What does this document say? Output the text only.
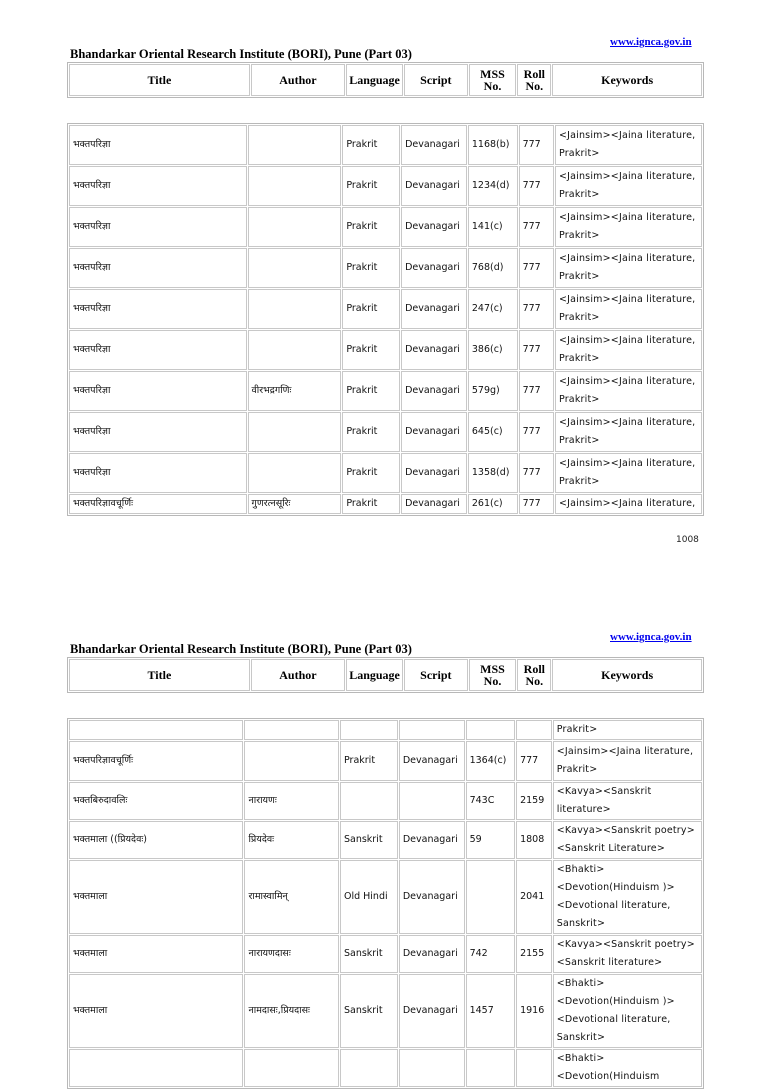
www.ignca.gov.in
Bhandarkar Oriental Research Institute (BORI), Pune (Part 03)
Title	Author	Language	Script	MSS No.	Roll No.	Keywords
भक्तपरिज्ञा		Prakrit	Devanagari	1168(b)	777	<Jainsim><Jaina literature, Prakrit>
भक्तपरिज्ञा		Prakrit	Devanagari	1234(d)	777	<Jainsim><Jaina literature, Prakrit>
भक्तपरिज्ञा		Prakrit	Devanagari	141(c)	777	<Jainsim><Jaina literature, Prakrit>
भक्तपरिज्ञा		Prakrit	Devanagari	768(d)	777	<Jainsim><Jaina literature, Prakrit>
भक्तपरिज्ञा		Prakrit	Devanagari	247(c)	777	<Jainsim><Jaina literature, Prakrit>
भक्तपरिज्ञा		Prakrit	Devanagari	386(c)	777	<Jainsim><Jaina literature, Prakrit>
भक्तपरिज्ञा	वीरभद्रगणिः	Prakrit	Devanagari	579g)	777	<Jainsim><Jaina literature, Prakrit>
भक्तपरिज्ञा		Prakrit	Devanagari	645(c)	777	<Jainsim><Jaina literature, Prakrit>
भक्तपरिज्ञा		Prakrit	Devanagari	1358(d)	777	<Jainsim><Jaina literature, Prakrit>
भक्तपरिज्ञावचूर्णिः	गुणरत्नसूरिः	Prakrit	Devanagari	261(c)	777	<Jainsim><Jaina literature,
1008
www.ignca.gov.in
Bhandarkar Oriental Research Institute (BORI), Pune (Part 03)
Title	Author	Language	Script	MSS No.	Roll No.	Keywords
						Prakrit>
भक्तपरिज्ञावचूर्णिः		Prakrit	Devanagari	1364(c)	777	<Jainsim><Jaina literature, Prakrit>
भक्तबिरुदावलिः	नारायणः			743C	2159	<Kavya><Sanskrit literature>
भक्तमाला ((प्रियदेवः)	प्रियदेवः	Sanskrit	Devanagari	59	1808	<Kavya><Sanskrit poetry><Sanskrit Literature>
भक्तमाला	रामास्वामिन्	Old Hindi	Devanagari		2041	<Bhakti><Devotion(Hinduism )><Devotional literature, Sanskrit>
भक्तमाला	नारायणदासः	Sanskrit	Devanagari	742	2155	<Kavya><Sanskrit poetry><Sanskrit literature>
भक्तमाला	नामदासः,प्रियदासः	Sanskrit	Devanagari	1457	1916	<Bhakti><Devotion(Hinduism )><Devotional literature, Sanskrit>
						<Bhakti><Devotion(Hinduism
